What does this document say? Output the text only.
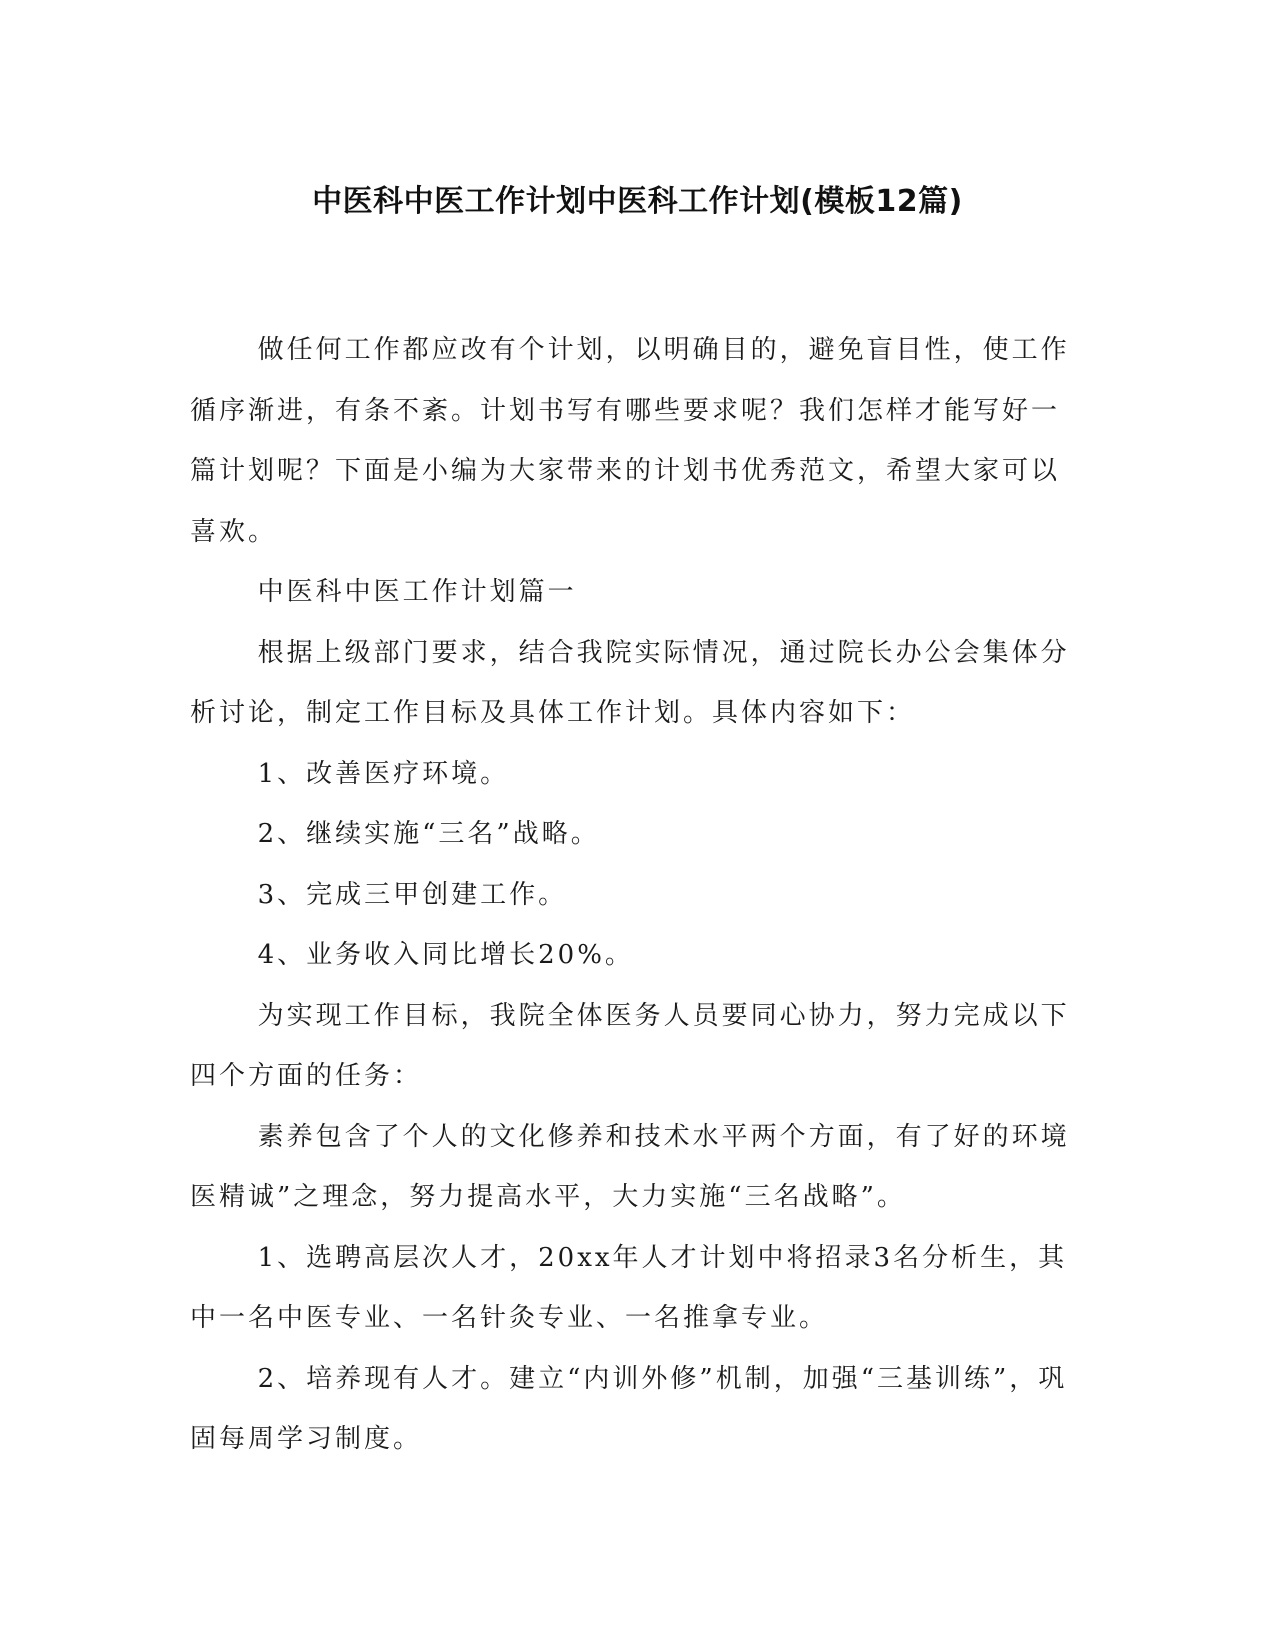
中医科中医工作计划中医科工作计划(模板12篇)

做任何工作都应改有个计划，以明确目的，避免盲目性，使工作循序渐进，有条不紊。计划书写有哪些要求呢？我们怎样才能写好一篇计划呢？下面是小编为大家带来的计划书优秀范文，希望大家可以喜欢。

中医科中医工作计划篇一

根据上级部门要求，结合我院实际情况，通过院长办公会集体分析讨论，制定工作目标及具体工作计划。具体内容如下：

1、改善医疗环境。

2、继续实施“三名”战略。

3、完成三甲创建工作。

4、业务收入同比增长20%。

为实现工作目标，我院全体医务人员要同心协力，努力完成以下四个方面的任务：

素养包含了个人的文化修养和技术水平两个方面，有了好的环境医精诚”之理念，努力提高水平，大力实施“三名战略”。

1、选聘高层次人才，20xx年人才计划中将招录3名分析生，其中一名中医专业、一名针灸专业、一名推拿专业。

2、培养现有人才。建立“内训外修”机制，加强“三基训练”，巩固每周学习制度。
